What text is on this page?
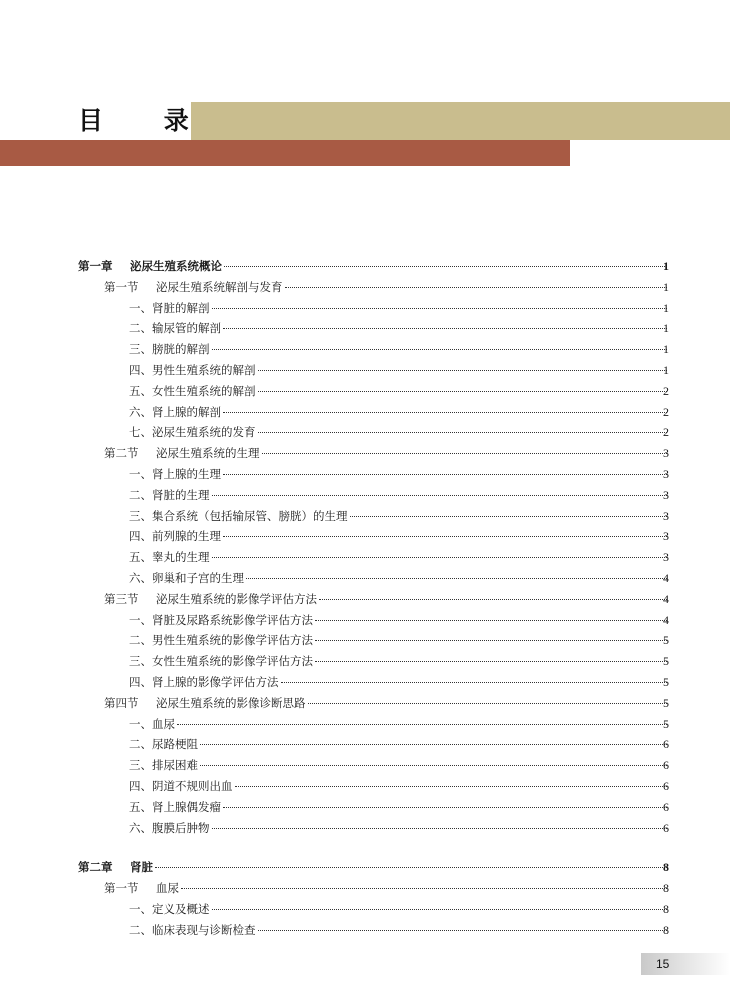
目 录
第一章	泌尿生殖系统概论	1
第一节	泌尿生殖系统解剖与发育	1
一、 肾脏的解剖	1
二、 输尿管的解剖	1
三、 膀胱的解剖	1
四、 男性生殖系统的解剖	1
五、 女性生殖系统的解剖	2
六、 肾上腺的解剖	2
七、 泌尿生殖系统的发育	2
第二节	泌尿生殖系统的生理	3
一、 肾上腺的生理	3
二、 肾脏的生理	3
三、 集合系统（包括输尿管、膀胱）的生理	3
四、 前列腺的生理	3
五、 睾丸的生理	3
六、 卵巢和子宫的生理	4
第三节	泌尿生殖系统的影像学评估方法	4
一、 肾脏及尿路系统影像学评估方法	4
二、 男性生殖系统的影像学评估方法	5
三、 女性生殖系统的影像学评估方法	5
四、 肾上腺的影像学评估方法	5
第四节	泌尿生殖系统的影像诊断思路	5
一、 血尿	5
二、 尿路梗阻	6
三、 排尿困难	6
四、 阴道不规则出血	6
五、 肾上腺偶发瘤	6
六、 腹膜后肿物	6
第二章	肾脏	8
第一节	血尿	8
一、 定义及概述	8
二、 临床表现与诊断检查	8
15
